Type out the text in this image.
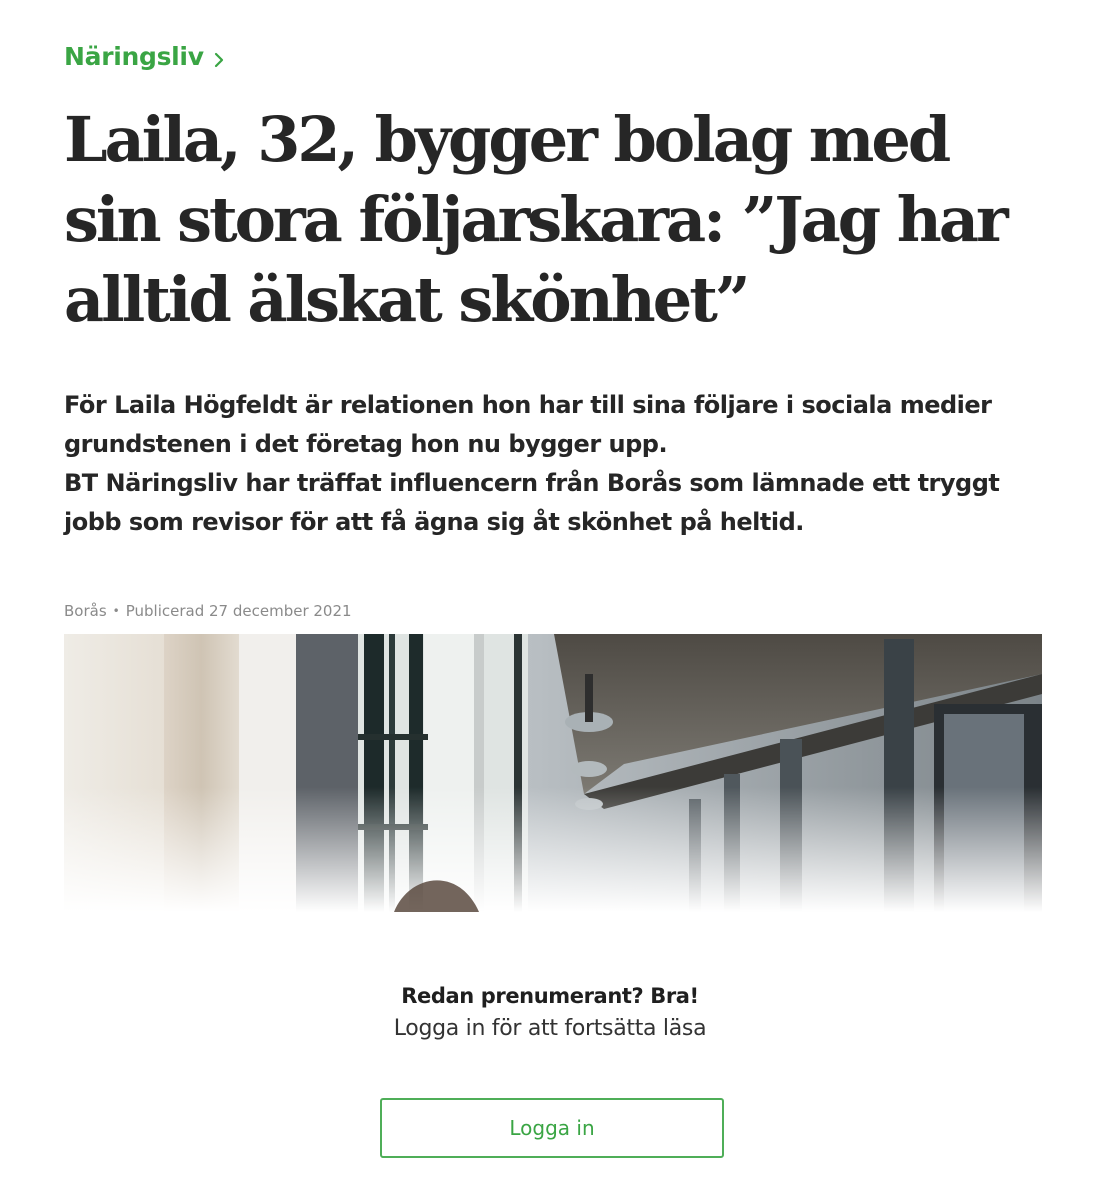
Näringsliv
Laila, 32, bygger bolag med sin stora följarskara: ”Jag har alltid älskat skönhet”
För Laila Högfeldt är relationen hon har till sina följare i sociala medier grundstenen i det företag hon nu bygger upp.
BT Näringsliv har träffat influencern från Borås som lämnade ett tryggt jobb som revisor för att få ägna sig åt skönhet på heltid.
Borås • Publicerad 27 december 2021
Redan prenumerant? Bra!
Logga in för att fortsätta läsa
Logga in
